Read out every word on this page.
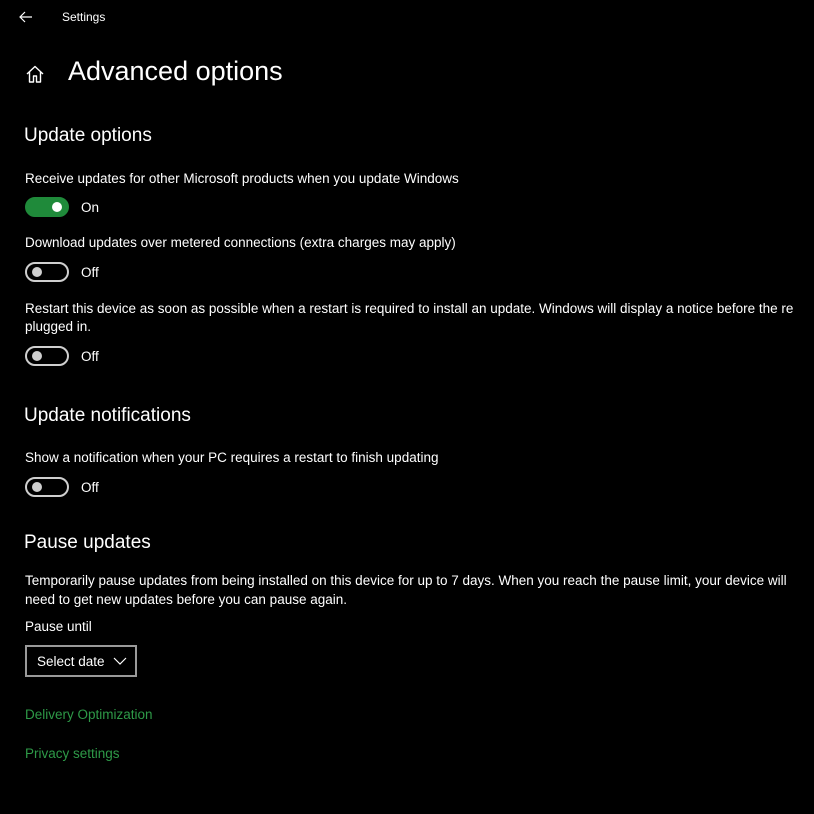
Settings
Advanced options
Update options
Receive updates for other Microsoft products when you update Windows
On
Download updates over metered connections (extra charges may apply)
Off
Restart this device as soon as possible when a restart is required to install an update. Windows will display a notice before the re
plugged in.
Off
Update notifications
Show a notification when your PC requires a restart to finish updating
Off
Pause updates
Temporarily pause updates from being installed on this device for up to 7 days. When you reach the pause limit, your device will
need to get new updates before you can pause again.
Pause until
Select date
Delivery Optimization
Privacy settings
